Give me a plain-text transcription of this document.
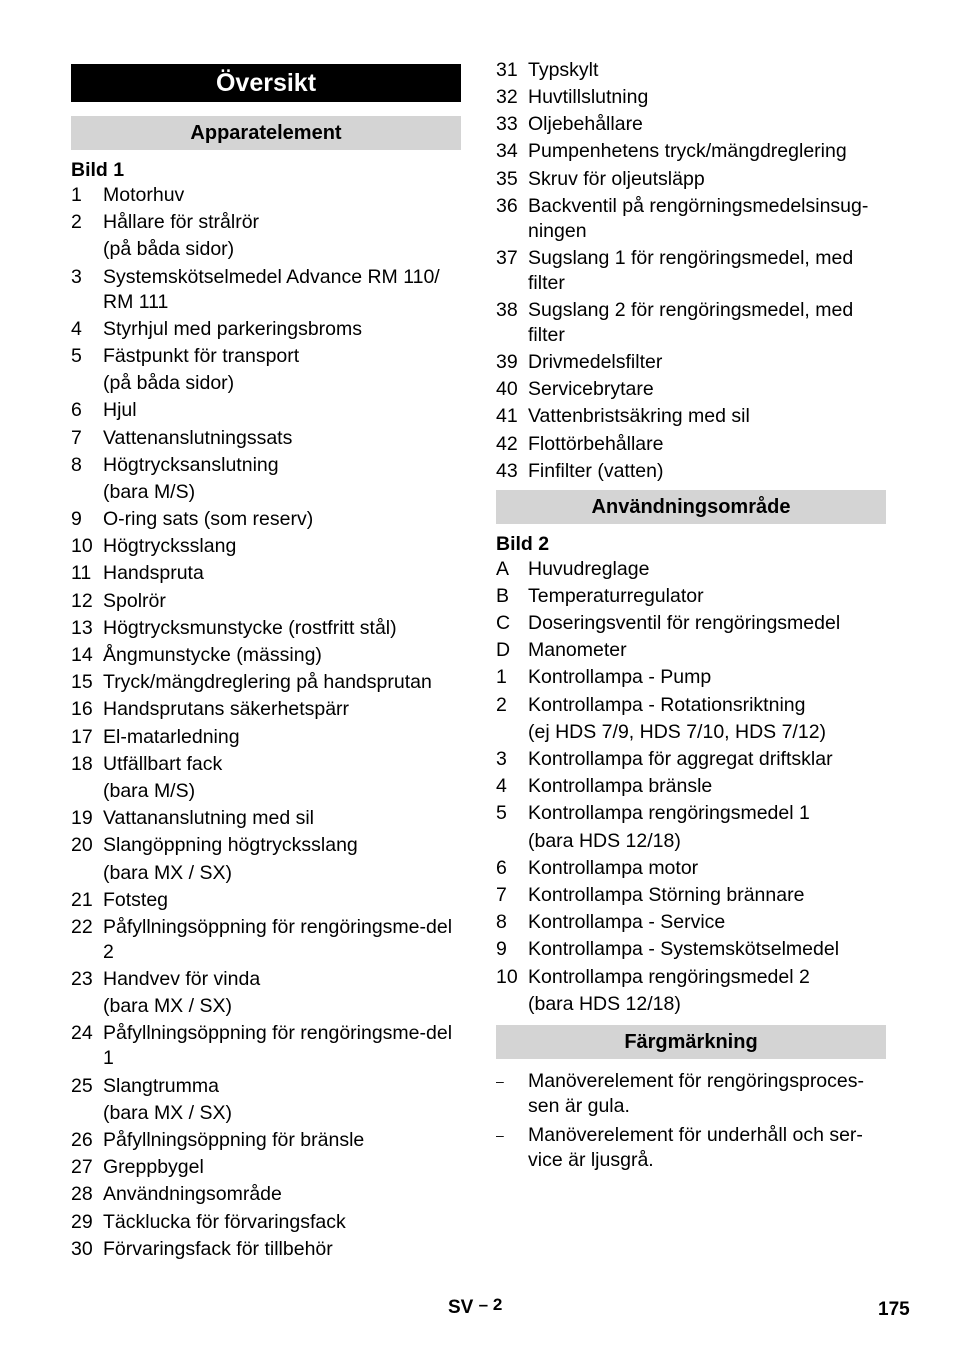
Översikt
Apparatelement
Bild 1
1	Motorhuv
2	Hållare för strålrör
(på båda sidor)
3	Systemskötselmedel Advance RM 110/ RM 111
4	Styrhjul med parkeringsbroms
5	Fästpunkt för transport
(på båda sidor)
6	Hjul
7	Vattenanslutningssats
8	Högtrycksanslutning
(bara M/S)
9	O-ring sats (som reserv)
10 Högtrycksslang
11 Handspruta
12 Spolrör
13 Högtrycksmunstycke (rostfritt stål)
14 Ångmunstycke (mässing)
15 Tryck/mängdreglering på handsprutan
16 Handsprutans säkerhetspärr
17 El-matarledning
18 Utfällbart fack
(bara M/S)
19 Vattananslutning med sil
20 Slangöppning högtrycksslang
(bara MX / SX)
21 Fotsteg
22 Påfyllningsöppning för rengöringsme-del 2
23 Handvev för vinda
(bara MX / SX)
24 Påfyllningsöppning för rengöringsme-del 1
25 Slangtrumma
(bara MX / SX)
26 Påfyllningsöppning för bränsle
27 Greppbygel
28 Användningsområde
29 Täcklucka för förvaringsfack
30 Förvaringsfack för tillbehör
31 Typskylt
32 Huvtillslutning
33 Oljebehållare
34 Pumpenhetens tryck/mängdreglering
35 Skruv för oljeutsläpp
36 Backventil på rengörningsmedelsinsug-ningen
37 Sugslang 1 för rengöringsmedel, med filter
38 Sugslang 2 för rengöringsmedel, med filter
39 Drivmedelsfilter
40 Servicebrytare
41 Vattenbristsäkring med sil
42 Flottörbehållare
43 Finfilter (vatten)
Användningsområde
Bild 2
A Huvudreglage
B Temperaturregulator
C Doseringsventil för rengöringsmedel
D Manometer
1	Kontrollampa - Pump
2	Kontrollampa - Rotationsriktning
(ej HDS 7/9, HDS 7/10, HDS 7/12)
3	Kontrollampa för aggregat driftsklar
4	Kontrollampa bränsle
5	Kontrollampa rengöringsmedel 1
(bara HDS 12/18)
6	Kontrollampa motor
7	Kontrollampa Störning brännare
8	Kontrollampa - Service
9	Kontrollampa - Systemskötselmedel
10 Kontrollampa rengöringsmedel 2
(bara HDS 12/18)
Färgmärkning
–	Manöverelement för rengöringsproces-sen är gula.
–	Manöverelement för underhåll och ser-vice är ljusgrå.
SV – 2	175
